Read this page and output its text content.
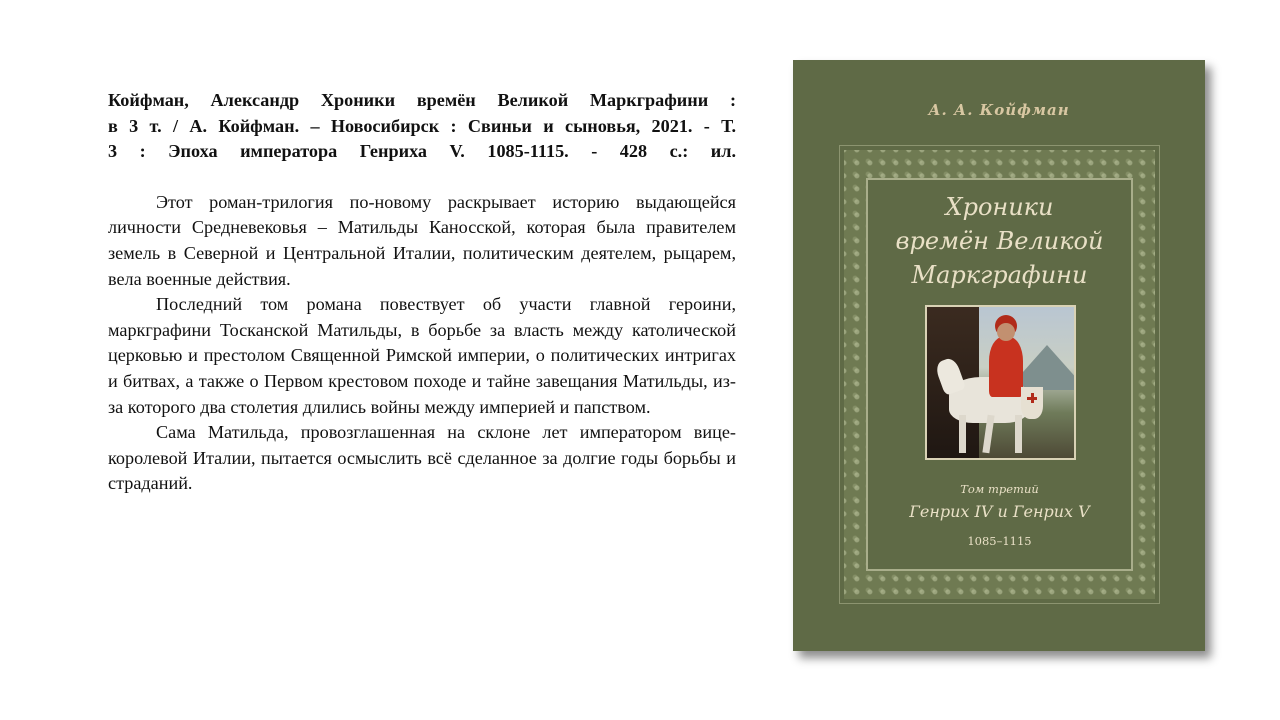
Койфман, Александр Хроники времён Великой Маркграфини :

в 3 т. / А. Койфман. – Новосибирск : Свиньи и сыновья, 2021. - Т.

3 : Эпоха императора Генриха V. 1085-1115. - 428 с.: ил.

Этот роман-трилогия по-новому раскрывает историю выдающейся личности Средневековья – Матильды Каносской, которая была правителем земель в Северной и Центральной Италии, политическим деятелем, рыцарем, вела военные действия.

Последний том романа повествует об участи главной героини, маркграфини Тосканской Матильды, в борьбе за власть между католической церковью и престолом Священной Римской империи, о политических интригах и битвах, а также о Первом крестовом походе и тайне завещания Матильды, из-за которого два столетия длились войны между империей и папством.

Сама Матильда, провозглашенная на склоне лет императором вице-королевой Италии, пытается осмыслить всё сделанное за долгие годы борьбы и страданий.

А. А. Койфман
Хроники
времён Великой
Маркграфини
Том третий
Генрих IV и Генрих V
1085–1115
